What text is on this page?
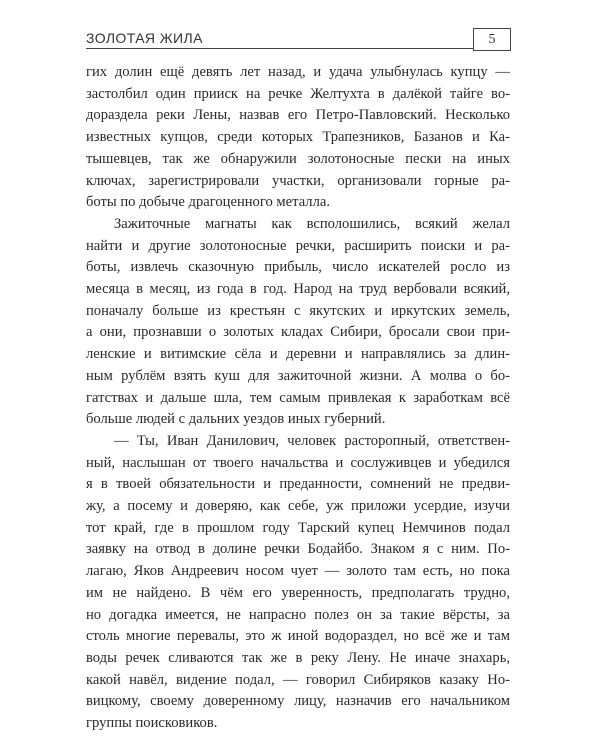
ЗОЛОТАЯ ЖИЛА	5

гих долин ещё девять лет назад, и удача улыбнулась купцу —
застолбил один прииск на речке Желтухта в далёкой тайге во-
дораздела реки Лены, назвав его Петро-Павловский. Несколько
известных купцов, среди которых Трапезников, Базанов и Ка-
тышевцев, так же обнаружили золотоносные пески на иных
ключах, зарегистрировали участки, организовали горные ра-
боты по добыче драгоценного металла.

Зажиточные магнаты как всполошились, всякий желал
найти и другие золотоносные речки, расширить поиски и ра-
боты, извлечь сказочную прибыль, число искателей росло из
месяца в месяц, из года в год. Народ на труд вербовали всякий,
поначалу больше из крестьян с якутских и иркутских земель,
а они, прознавши о золотых кладах Сибири, бросали свои при-
ленские и витимские сёла и деревни и направлялись за длин-
ным рублём взять куш для зажиточной жизни. А молва о бо-
гатствах и дальше шла, тем самым привлекая к заработкам всё
больше людей с дальних уездов иных губерний.

— Ты, Иван Данилович, человек расторопный, ответствен-
ный, наслышан от твоего начальства и сослуживцев и убедился
я в твоей обязательности и преданности, сомнений не предви-
жу, а посему и доверяю, как себе, уж приложи усердие, изучи
тот край, где в прошлом году Тарский купец Немчинов подал
заявку на отвод в долине речки Бодайбо. Знаком я с ним. По-
лагаю, Яков Андреевич носом чует — золото там есть, но пока
им не найдено. В чём его уверенность, предполагать трудно,
но догадка имеется, не напрасно полез он за такие вёрсты, за
столь многие перевалы, это ж иной водораздел, но всё же и там
воды речек сливаются так же в реку Лену. Не иначе знахарь,
какой навёл, видение подал, — говорил Сибиряков казаку Но-
вицкому, своему доверенному лицу, назначив его начальником
группы поисковиков.
